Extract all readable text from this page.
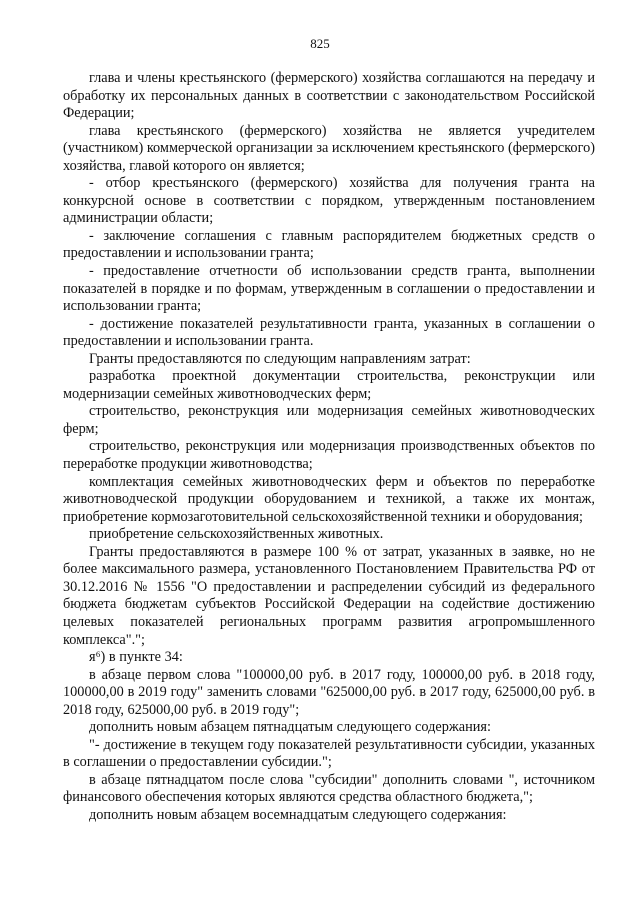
825

глава и члены крестьянского (фермерского) хозяйства соглашаются на передачу и обработку их персональных данных в соответствии с законодательством Российской Федерации;

глава крестьянского (фермерского) хозяйства не является учредителем (участником) коммерческой организации за исключением крестьянского (фермерского) хозяйства, главой которого он является;

- отбор крестьянского (фермерского) хозяйства для получения гранта на конкурсной основе в соответствии с порядком, утвержденным постановлением администрации области;

- заключение соглашения с главным распорядителем бюджетных средств о предоставлении и использовании гранта;

- предоставление отчетности об использовании средств гранта, выполнении показателей в порядке и по формам, утвержденным в соглашении о предоставлении и использовании гранта;

- достижение показателей результативности гранта, указанных в соглашении о предоставлении и использовании гранта.

Гранты предоставляются по следующим направлениям затрат:

разработка проектной документации строительства, реконструкции или модернизации семейных животноводческих ферм;

строительство, реконструкция или модернизация семейных животноводческих ферм;

строительство, реконструкция или модернизация производственных объектов по переработке продукции животноводства;

комплектация семейных животноводческих ферм и объектов по переработке животноводческой продукции оборудованием и техникой, а также их монтаж, приобретение кормозаготовительной сельскохозяйственной техники и оборудования;

приобретение сельскохозяйственных животных.

Гранты предоставляются в размере 100 % от затрат, указанных в заявке, но не более максимального размера, установленного Постановлением Правительства РФ от 30.12.2016 № 1556 "О предоставлении и распределении субсидий из федерального бюджета бюджетам субъектов Российской Федерации на содействие достижению целевых показателей региональных программ развития агропромышленного комплекса".";

я⁶) в пункте 34:

в абзаце первом слова "100000,00 руб. в 2017 году, 100000,00 руб. в 2018 году, 100000,00 в 2019 году" заменить словами "625000,00 руб. в 2017 году, 625000,00 руб. в 2018 году, 625000,00 руб. в 2019 году";

дополнить новым абзацем пятнадцатым следующего содержания:

"- достижение в текущем году показателей результативности субсидии, указанных в соглашении о предоставлении субсидии.";

в абзаце пятнадцатом после слова "субсидии" дополнить словами ", источником финансового обеспечения которых являются средства областного бюджета,";

дополнить новым абзацем восемнадцатым следующего содержания:
